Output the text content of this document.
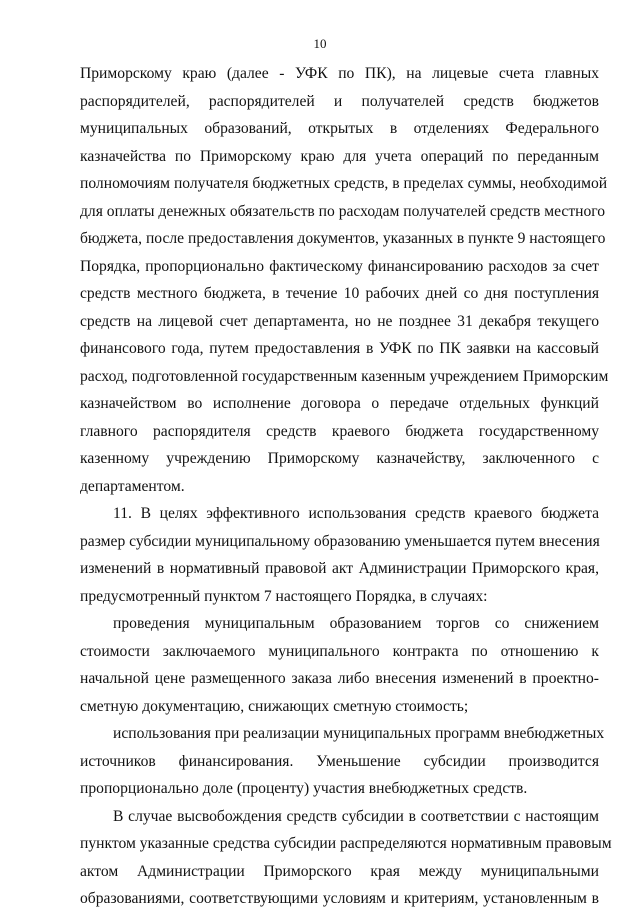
10
Приморскому краю (далее - УФК по ПК), на лицевые счета главных
распорядителей, распорядителей и получателей средств бюджетов
муниципальных образований, открытых в отделениях Федерального
казначейства по Приморскому краю для учета операций по переданным
полномочиям получателя бюджетных средств, в пределах суммы, необходимой
для оплаты денежных обязательств по расходам получателей средств местного
бюджета, после предоставления документов, указанных в пункте 9 настоящего
Порядка, пропорционально фактическому финансированию расходов за счет
средств местного бюджета, в течение 10 рабочих дней со дня поступления
средств на лицевой счет департамента, но не позднее 31 декабря текущего
финансового года, путем предоставления в УФК по ПК заявки на кассовый
расход, подготовленной государственным казенным учреждением Приморским
казначейством во исполнение договора о передаче отдельных функций
главного распорядителя средств краевого бюджета государственному
казенному учреждению Приморскому казначейству, заключенного с
департаментом.
11. В целях эффективного использования средств краевого бюджета
размер субсидии муниципальному образованию уменьшается путем внесения
изменений в нормативный правовой акт Администрации Приморского края,
предусмотренный пунктом 7 настоящего Порядка, в случаях:
проведения муниципальным образованием торгов со снижением
стоимости заключаемого муниципального контракта по отношению к
начальной цене размещенного заказа либо внесения изменений в проектно-
сметную документацию, снижающих сметную стоимость;
использования при реализации муниципальных программ внебюджетных
источников финансирования. Уменьшение субсидии производится
пропорционально доле (проценту) участия внебюджетных средств.
В случае высвобождения средств субсидии в соответствии с настоящим
пунктом указанные средства субсидии распределяются нормативным правовым
актом Администрации Приморского края между муниципальными
образованиями, соответствующими условиям и критериям, установленным в
